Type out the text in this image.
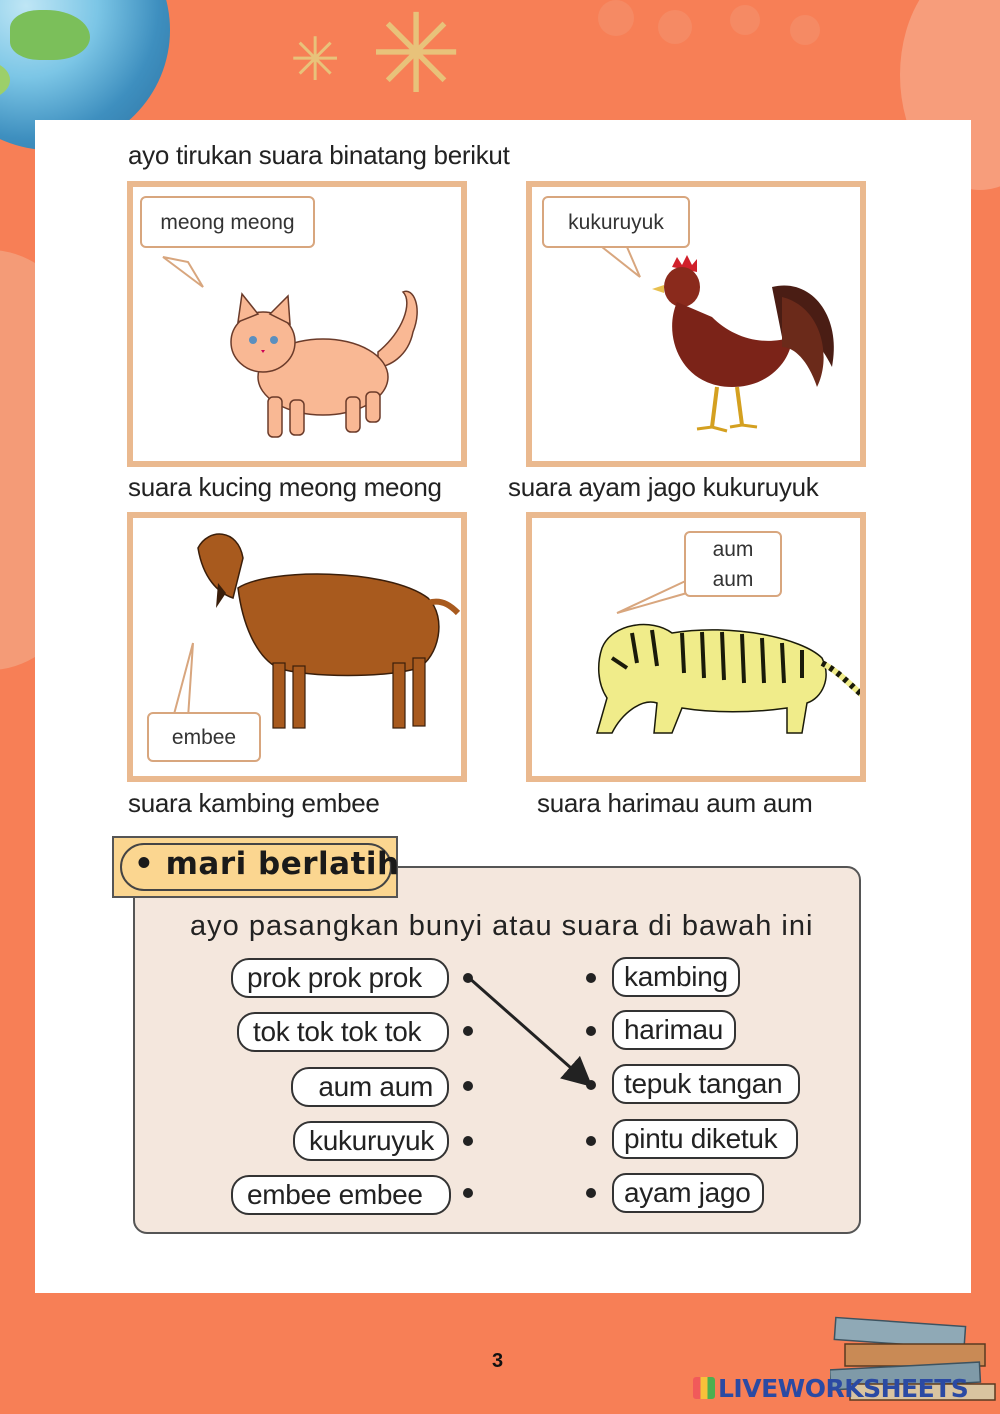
✳ ✳
ayo tirukan suara binatang berikut
meong meong
suara kucing meong meong
kukuruyuk
suara ayam jago kukuruyuk
embee
suara kambing embee
aum
aum
suara harimau aum aum
• mari berlatih
ayo pasangkan bunyi atau suara di bawah ini
prok prok prok
tok tok tok tok
aum aum
kukuruyuk
embee embee
kambing
harimau
tepuk tangan
pintu diketuk
ayam jago
3
LIVEWORKSHEETS
